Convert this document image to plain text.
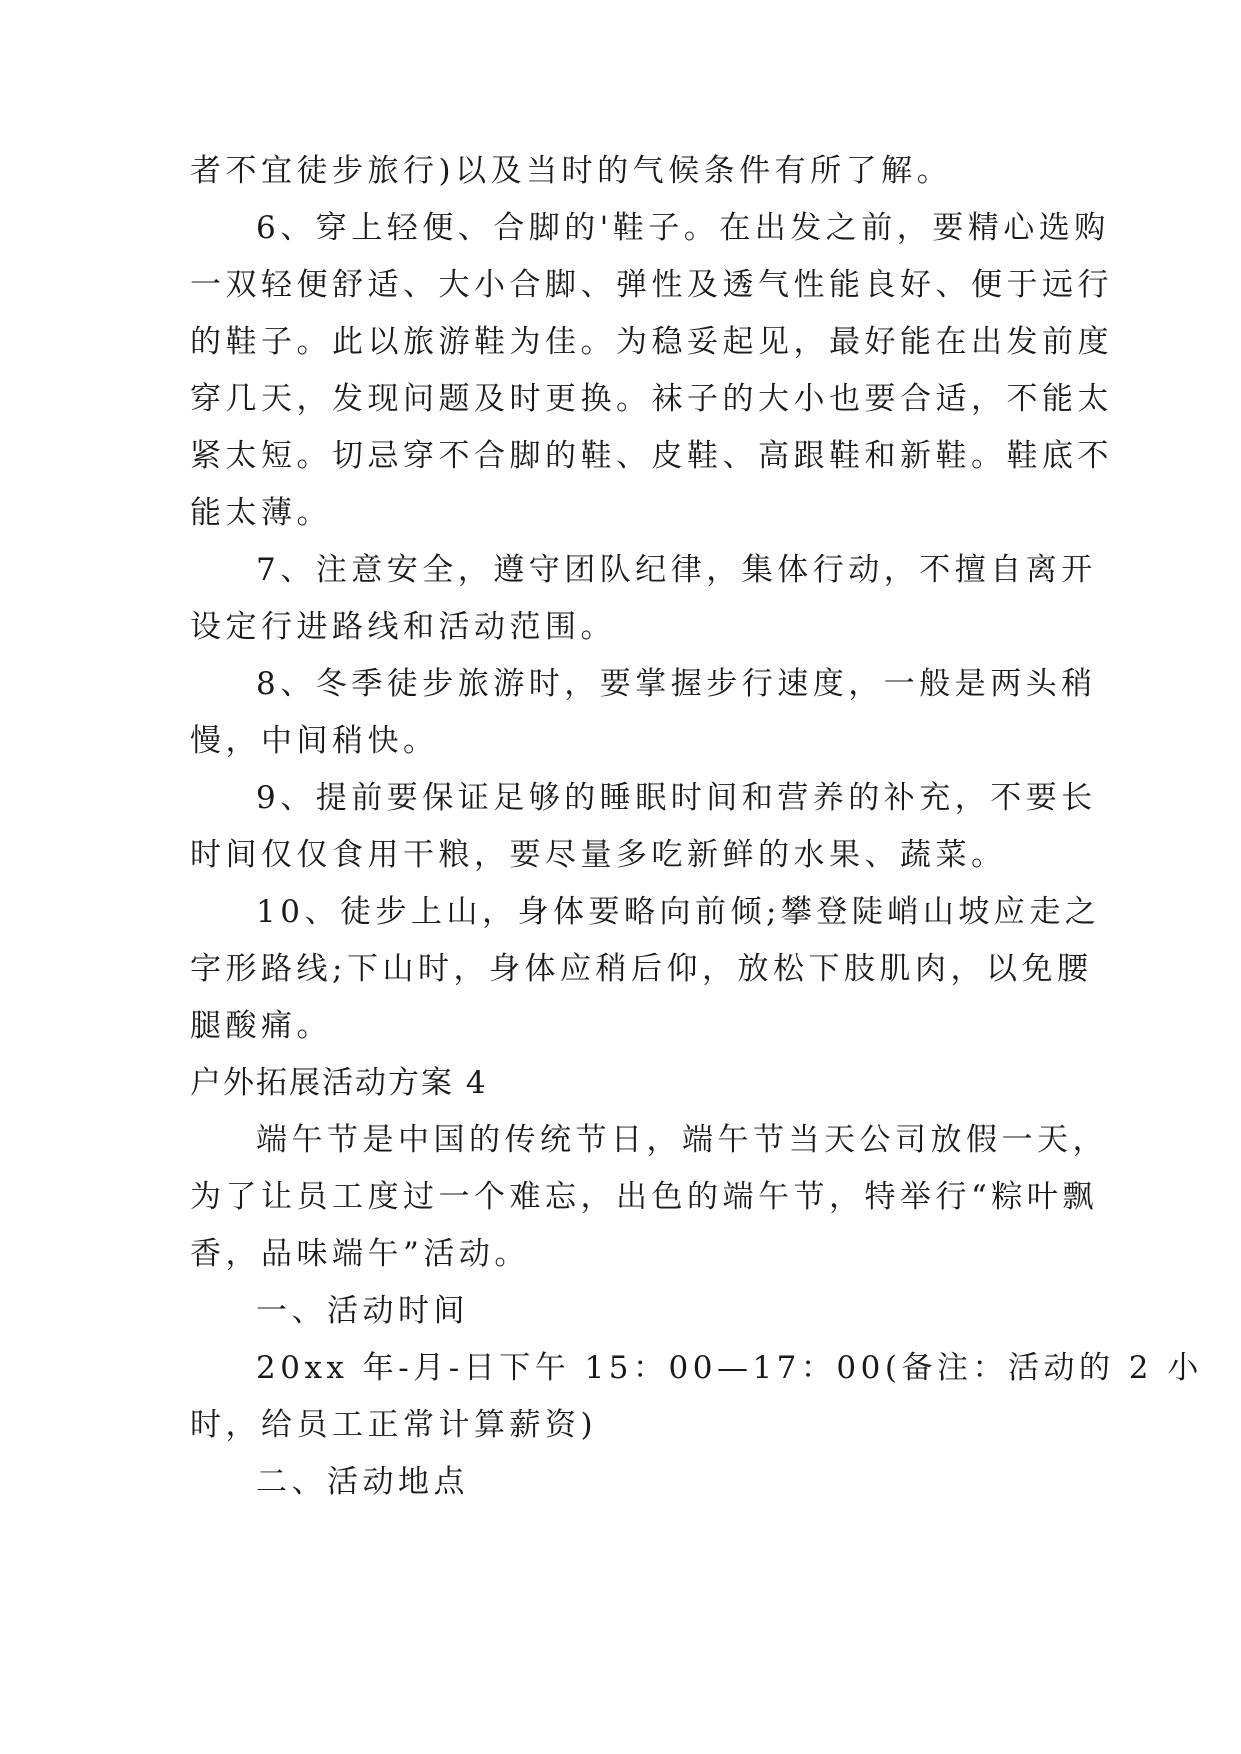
者不宜徒步旅行)以及当时的气候条件有所了解。
6、穿上轻便、合脚的'鞋子。在出发之前，要精心选购
一双轻便舒适、大小合脚、弹性及透气性能良好、便于远行
的鞋子。此以旅游鞋为佳。为稳妥起见，最好能在出发前度
穿几天，发现问题及时更换。袜子的大小也要合适，不能太
紧太短。切忌穿不合脚的鞋、皮鞋、高跟鞋和新鞋。鞋底不
能太薄。
7、注意安全，遵守团队纪律，集体行动，不擅自离开
设定行进路线和活动范围。
8、冬季徒步旅游时，要掌握步行速度，一般是两头稍
慢，中间稍快。
9、提前要保证足够的睡眠时间和营养的补充，不要长
时间仅仅食用干粮，要尽量多吃新鲜的水果、蔬菜。
10、徒步上山，身体要略向前倾;攀登陡峭山坡应走之
字形路线;下山时，身体应稍后仰，放松下肢肌肉，以免腰
腿酸痛。
户外拓展活动方案 4
端午节是中国的传统节日，端午节当天公司放假一天，
为了让员工度过一个难忘，出色的端午节，特举行“粽叶飘
香，品味端午”活动。
一、活动时间
20xx 年-月-日下午 15：00—17：00(备注：活动的 2 小
时，给员工正常计算薪资)
二、活动地点
